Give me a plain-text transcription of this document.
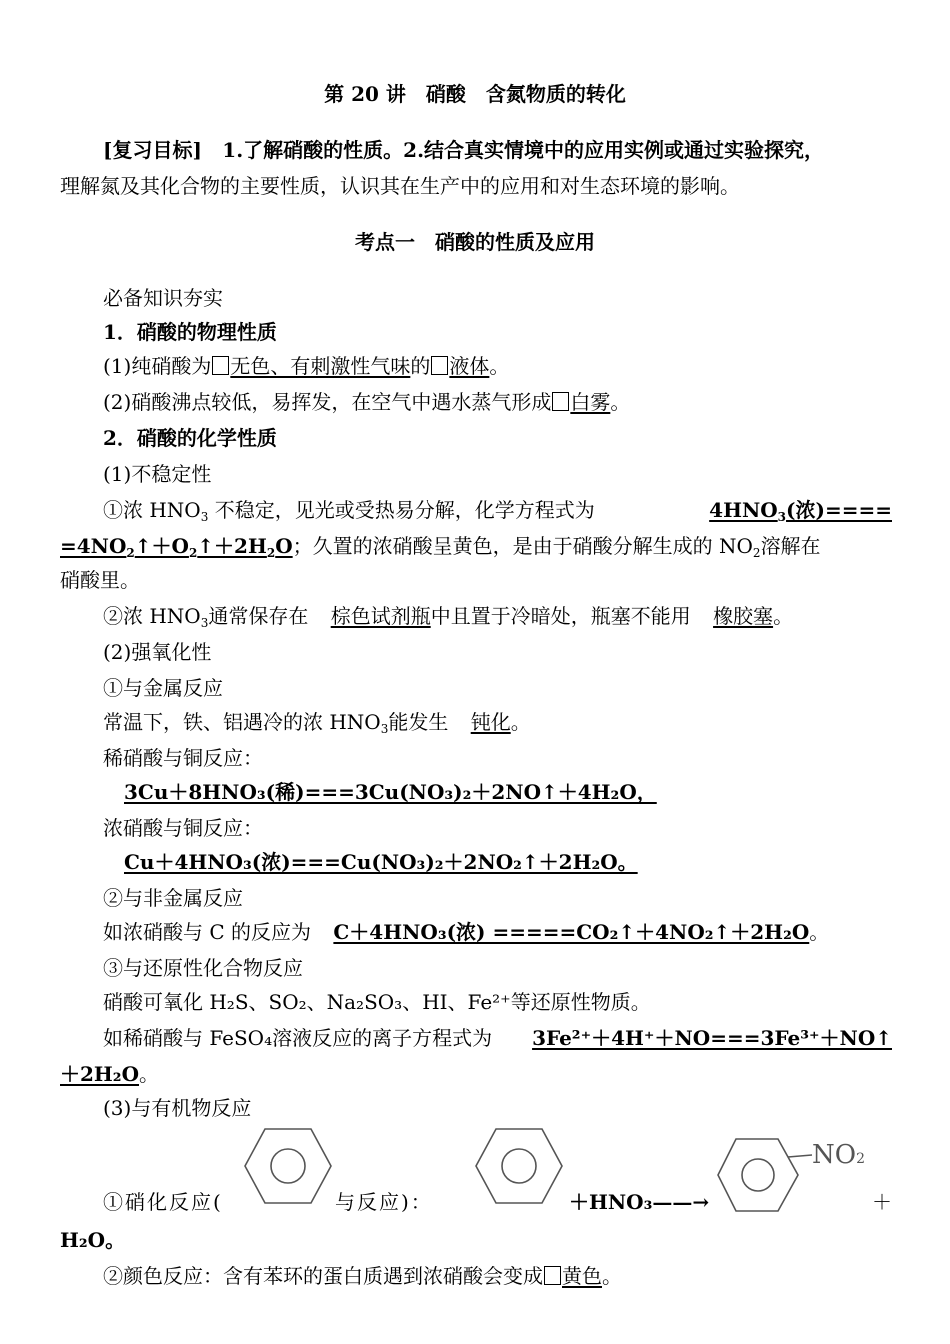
第 20 讲　硝酸　含氮物质的转化
[复习目标] 1.了解硝酸的性质。2.结合真实情境中的应用实例或通过实验探究，
理解氮及其化合物的主要性质，认识其在生产中的应用和对生态环境的影响。
考点一　硝酸的性质及应用
必备知识夯实
1．硝酸的物理性质
(1)纯硝酸为 无色、有刺激性气味的 液体。
(2)硝酸沸点较低，易挥发，在空气中遇水蒸气形成 白雾。
2．硝酸的化学性质
(1)不稳定性
①浓 $HNO_3$ 不稳定，见光或受热易分解，化学方程式为	$4HNO_3$(浓)====
$=4NO_2↑+O_2↑+2H_2O$；久置的浓硝酸呈黄色，是由于硝酸分解生成的 $NO_2$溶解在
硝酸里。
②浓 $HNO_3$通常保存在 棕色试剂瓶中且置于冷暗处，瓶塞不能用 橡胶塞。
(2)强氧化性
①与金属反应
常温下，铁、铝遇冷的浓 $HNO_3$能发生 钝化。
稀硝酸与铜反应：
3Cu＋8HNO₃(稀)===3Cu(NO₃)₂＋2NO↑＋4H₂O，
浓硝酸与铜反应：
Cu＋4HNO₃(浓)===Cu(NO₃)₂＋2NO₂↑＋2H₂O。
②与非金属反应
如浓硝酸与 C 的反应为 C＋4HNO₃(浓) =====CO₂↑＋4NO₂↑＋2H₂O。
③与还原性化合物反应
硝酸可氧化 H₂S、SO₂、Na₂SO₃、HI、Fe²⁺等还原性物质。
如稀硝酸与 FeSO₄溶液反应的离子方程式为 3Fe²⁺＋4H⁺＋NO===3Fe³⁺＋NO↑
＋2H₂O。
(3)与有机物反应
NO2
①硝化反应(	与反应)：	＋HNO₃——→	＋
H₂O。
②颜色反应：含有苯环的蛋白质遇到浓硝酸会变成 黄色。
